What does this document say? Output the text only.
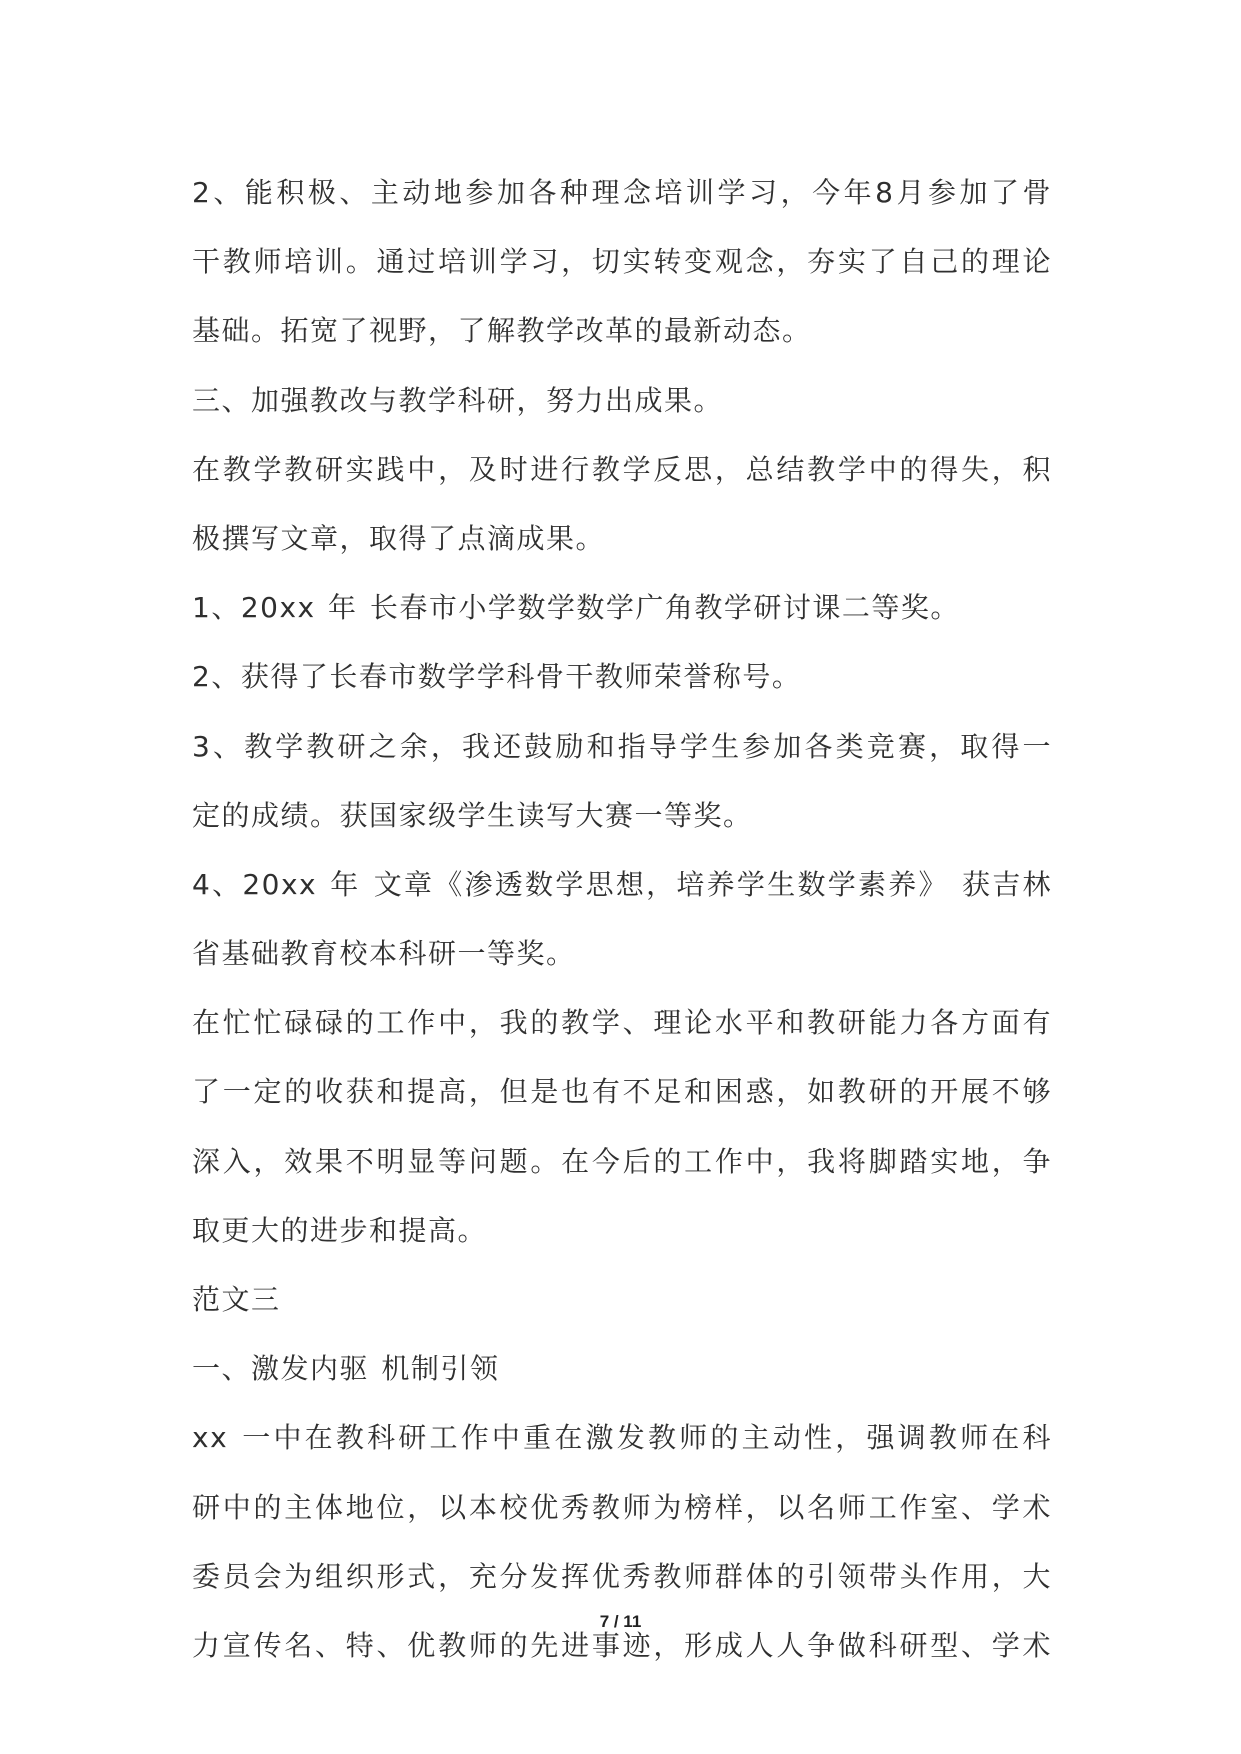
2、能积极、主动地参加各种理念培训学习，今年8月参加了骨
干教师培训。通过培训学习，切实转变观念，夯实了自己的理论
基础。拓宽了视野，了解教学改革的最新动态。
三、加强教改与教学科研，努力出成果。
在教学教研实践中，及时进行教学反思，总结教学中的得失，积
极撰写文章，取得了点滴成果。
1、20xx 年 长春市小学数学数学广角教学研讨课二等奖。
2、获得了长春市数学学科骨干教师荣誉称号。
3、教学教研之余，我还鼓励和指导学生参加各类竞赛，取得一
定的成绩。获国家级学生读写大赛一等奖。
4、20xx 年 文章《渗透数学思想，培养学生数学素养》 获吉林
省基础教育校本科研一等奖。
在忙忙碌碌的工作中，我的教学、理论水平和教研能力各方面有
了一定的收获和提高，但是也有不足和困惑，如教研的开展不够
深入，效果不明显等问题。在今后的工作中，我将脚踏实地，争
取更大的进步和提高。
范文三
一、激发内驱 机制引领
xx 一中在教科研工作中重在激发教师的主动性，强调教师在科
研中的主体地位，以本校优秀教师为榜样，以名师工作室、学术
委员会为组织形式，充分发挥优秀教师群体的引领带头作用，大
力宣传名、特、优教师的先进事迹，形成人人争做科研型、学术
7 / 11
